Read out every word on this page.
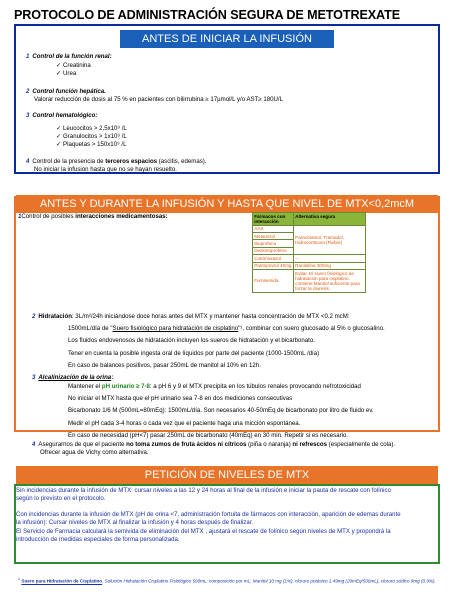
PROTOCOLO DE ADMINISTRACIÓN SEGURA DE METOTREXATE
ANTES DE INICIAR LA INFUSIÓN
1 Control de la función renal:
✓ Creatinina
✓ Urea
2 Control función hepática.
Valorar reducción de dosis al 75 % en pacientes con bilirrubina ≥ 17µmol/L y/o AST≥ 180U/L
3 Control hematológico:
✓ Leucocitos > 2,5x10⁹ /L
✓ Granulocitos > 1x10⁹ /L
✓ Plaquetas > 150x10⁹ /L
4 Control de la presencia de terceros espacios (ascitis, edemas).
No iniciar la infusión hasta que no se hayan resuelto.
ANTES Y DURANTE LA INFUSIÓN Y HASTA QUE NIVEL DE MTX<0,2mcM
1Control de posibles interacciones medicamentosas:	Fármacos con interacción	Alternativa segura
AAS	Paracetamol, Tramadol, Hidrocortisona (Fiebre)
Metamizol	
Ibuprofeno	
Dexketoprofeno	
Cotrimoxazol	--
Pantoprazol 40mg	Ranitidina 300mg
Furosemida	Evitar. El suero fisiológico de hidratación para cisplatino contiene Manitol suficiente para forzar la diuresis.
2 Hidratación: 3L/m²/24h iniciándose doce horas antes del MTX y mantener hasta concentración de MTX <0.2 mcM:
1500mL/día de "Suero fisiológico para hidratación de cisplatino"¹, combinar con suero glucosado al 5% o glucosalino.
Los fluidos endovenosos de hidratación incluyen los sueros de hidratación y el bicarbonato.
Tener en cuenta la posible ingesta oral de líquidos por parte del paciente (1000-1500mL /día)
En caso de balances positivos, pasar 250mL de manitol al 10% en 12h.
3 Alcalinización de la orina:
Mantener el pH urinario ≥ 7-8: a pH 6 y 9 el MTX precipita en los túbulos renales provocando nefrotoxicidad
No iniciar el MTX hasta que el pH urinario sea 7-8 en dos mediciones consecutivas
Bicarbonato 1/6 M (500mL=80mEq): 1500mL/día. Son necesarios 40-50mEq de bicarbonato por litro de fluido ev.
Medir el pH cada 3-4 horas o cada vez que el paciente haga una micción espontánea.
En caso de necesidad (pH<7) pasar 250mL de bicarbonato (40mEq) en 30 min. Repetir si es necesario.
4 Asegurarnos de que el paciente no toma zumos de fruta ácidos ni cítricos (piña o naranja) ni refrescos (especialmente de cola).
Ofrecer agua de Vichy como alternativa.
PETICIÓN DE NIVELES DE MTX
Sin incidencias durante la infusión de MTX: cursar niveles a las 12 y 24 horas al final de la infusión e iniciar la pauta de rescate con folínico
según lo previsto en el protocolo.
Con incidencias durante la infusión de MTX (pH de orina <7, administración fortuita de fármacos con interacción, aparición de edemas durante
la infusión): Cursar niveles de MTX al finalizar la infusión y 4 horas después de finalizar.
El Servicio de Farmacia calculará la semivida de eliminación del MTX , ajustará el rescate de folínico según niveles de MTX y propondrá la
introducción de medidas especiales de forma personalizada.
$^1$ Suero para Hidratación de Cisplatino. Solución Hidratación Cisplatino Fisiológico 500mL: composición por mL: Manitol 10 mg (1%), cloruro potásico 1.49mg (20mEq/500mL), cloruro sódico 9mg (0.9%).
